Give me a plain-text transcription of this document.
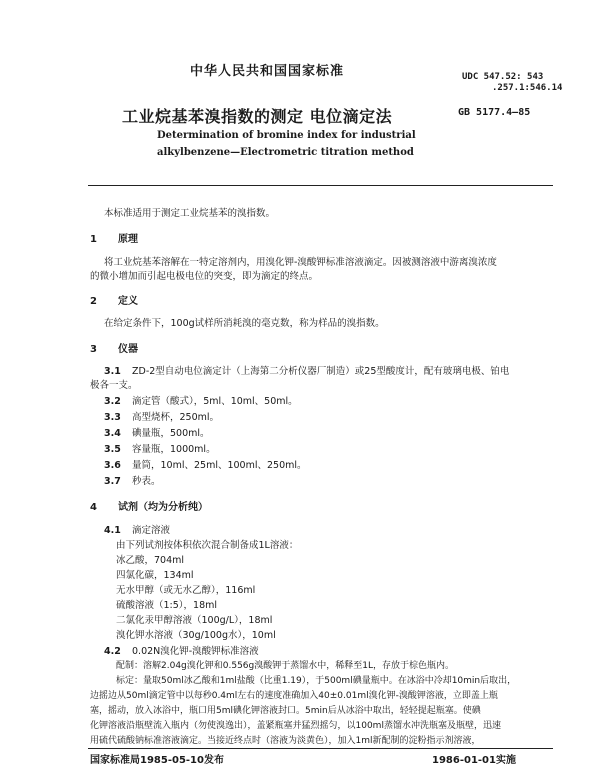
中华人民共和国国家标准	UDC 547.52: 543
.257.1:546.14
工业烷基苯溴指数的测定 电位滴定法	GB 5177.4—85
Determination of bromine index for industrial
alkylbenzene—Electrometric titration method
本标准适用于测定工业烷基苯的溴指数。
1 原理
将工业烷基苯溶解在一特定溶剂内，用溴化钾-溴酸钾标准溶液滴定。因被测溶液中游离溴浓度
的微小增加而引起电极电位的突变，即为滴定的终点。
2 定义
在给定条件下，100g试样所消耗溴的毫克数，称为样品的溴指数。
3 仪器
3.1 ZD-2型自动电位滴定计（上海第二分析仪器厂制造）或25型酸度计，配有玻璃电极、铂电
极各一支。
3.2 滴定管（酸式），5ml、10ml、50ml。
3.3 高型烧杯，250ml。
3.4 碘量瓶，500ml。
3.5 容量瓶，1000ml。
3.6 量筒，10ml、25ml、100ml、250ml。
3.7 秒表。
4 试剂（均为分析纯）
4.1 滴定溶液
由下列试剂按体积依次混合制备成1L溶液：
冰乙酸，704ml
四氯化碳，134ml
无水甲醇（或无水乙醇），116ml
硫酸溶液（1:5），18ml
二氯化汞甲醇溶液（100g/L），18ml
溴化钾水溶液（30g/100g水），10ml
4.2 0.02N溴化钾-溴酸钾标准溶液
配制：溶解2.04g溴化钾和0.556g溴酸钾于蒸馏水中，稀释至1L，存放于棕色瓶内。
标定：量取50ml冰乙酸和1ml盐酸（比重1.19），于500ml碘量瓶中。在冰浴中冷却10min后取出，
边摇边从50ml滴定管中以每秒0.4ml左右的速度准确加入40±0.01ml溴化钾-溴酸钾溶液，立即盖上瓶
塞，摇动，放入冰浴中，瓶口用5ml碘化钾溶液封口。5min后从冰浴中取出，轻轻提起瓶塞。使碘
化钾溶液沿瓶壁流入瓶内（勿使溴逸出），盖紧瓶塞并猛烈摇匀，以100ml蒸馏水冲洗瓶塞及瓶壁，迅速
用硫代硫酸钠标准溶液滴定。当接近终点时（溶液为淡黄色），加入1ml新配制的淀粉指示剂溶液，
国家标准局1985-05-10发布	1986-01-01实施
